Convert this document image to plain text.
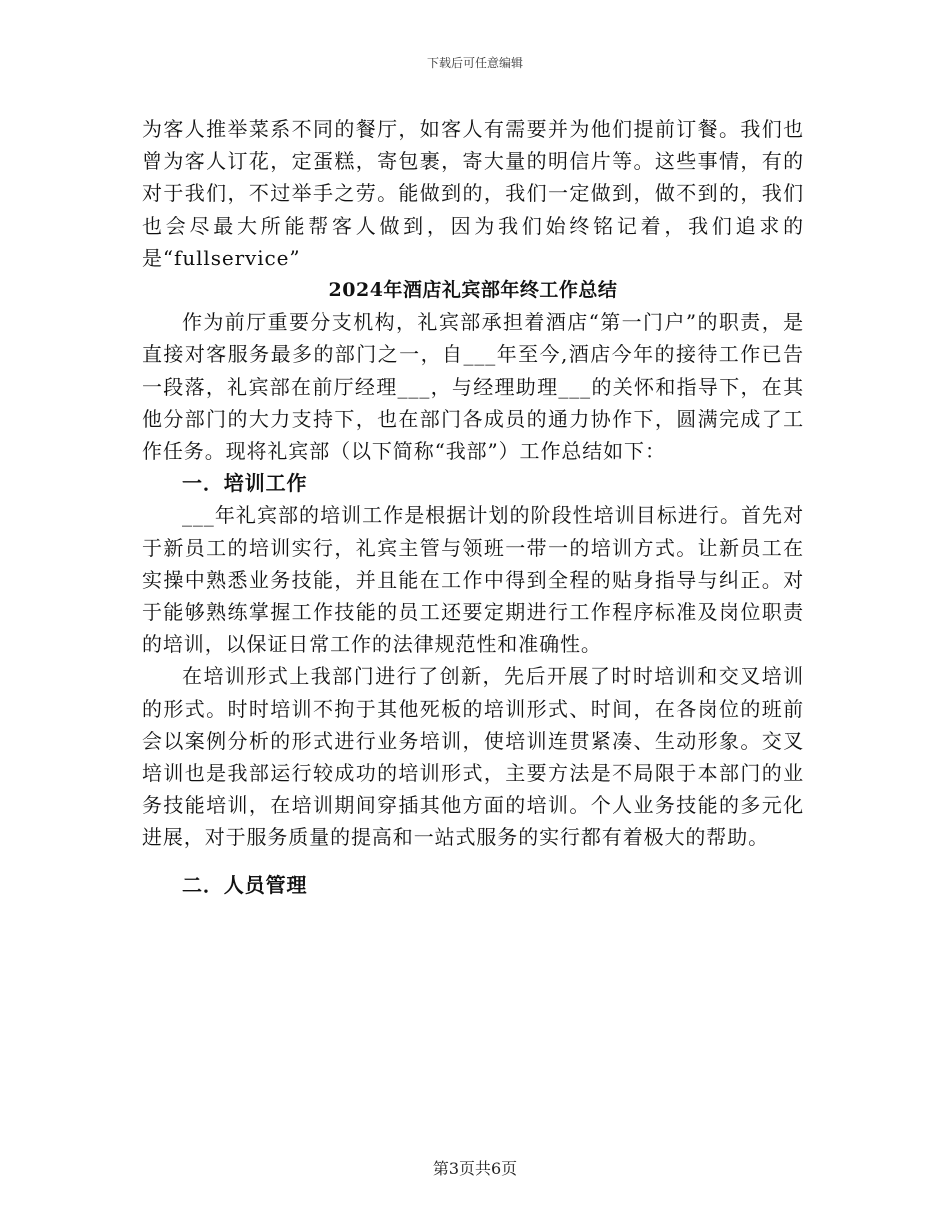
下载后可任意编辑

为客人推举菜系不同的餐厅，如客人有需要并为他们提前订餐。我们也曾为客人订花，定蛋糕，寄包裹，寄大量的明信片等。这些事情，有的对于我们，不过举手之劳。能做到的，我们一定做到，做不到的，我们也会尽最大所能帮客人做到，因为我们始终铭记着，我们追求的是“fullservice”

2024年酒店礼宾部年终工作总结

作为前厅重要分支机构，礼宾部承担着酒店“第一门户”的职责，是直接对客服务最多的部门之一，自___年至今,酒店今年的接待工作已告一段落，礼宾部在前厅经理___，与经理助理___的关怀和指导下，在其他分部门的大力支持下，也在部门各成员的通力协作下，圆满完成了工作任务。现将礼宾部（以下简称“我部”）工作总结如下：

一．培训工作

___年礼宾部的培训工作是根据计划的阶段性培训目标进行。首先对于新员工的培训实行，礼宾主管与领班一带一的培训方式。让新员工在实操中熟悉业务技能，并且能在工作中得到全程的贴身指导与纠正。对于能够熟练掌握工作技能的员工还要定期进行工作程序标准及岗位职责的培训，以保证日常工作的法律规范性和准确性。

在培训形式上我部门进行了创新，先后开展了时时培训和交叉培训的形式。时时培训不拘于其他死板的培训形式、时间，在各岗位的班前会以案例分析的形式进行业务培训，使培训连贯紧凑、生动形象。交叉培训也是我部运行较成功的培训形式，主要方法是不局限于本部门的业务技能培训，在培训期间穿插其他方面的培训。个人业务技能的多元化进展，对于服务质量的提高和一站式服务的实行都有着极大的帮助。

二．人员管理

第3页共6页
